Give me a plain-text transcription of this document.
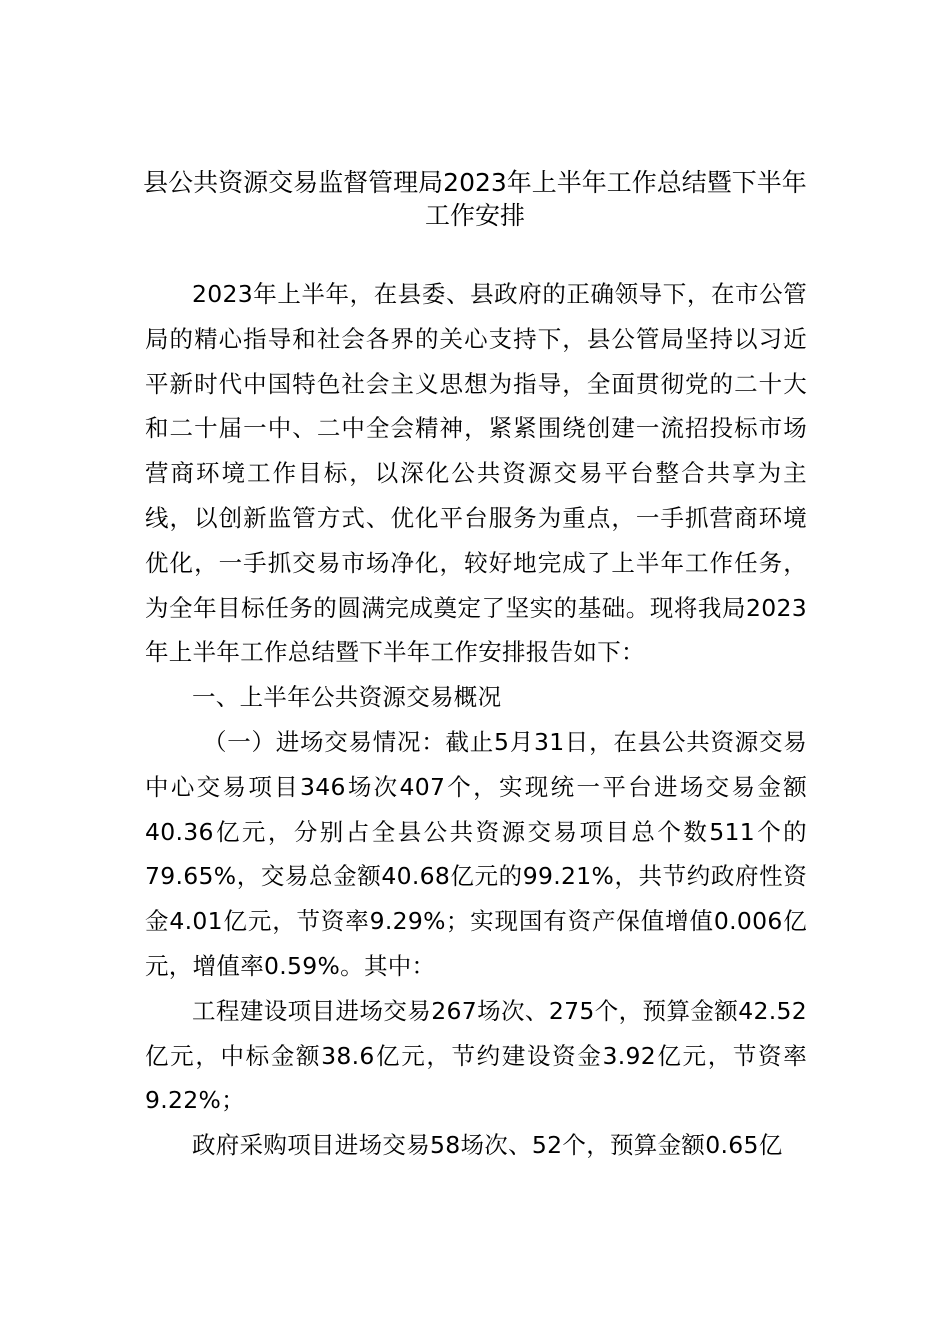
县公共资源交易监督管理局2023年上半年工作总结暨下半年
工作安排

2023年上半年，在县委、县政府的正确领导下，在市公管局的精心指导和社会各界的关心支持下，县公管局坚持以习近平新时代中国特色社会主义思想为指导，全面贯彻党的二十大和二十届一中、二中全会精神，紧紧围绕创建一流招投标市场营商环境工作目标，以深化公共资源交易平台整合共享为主线，以创新监管方式、优化平台服务为重点，一手抓营商环境优化，一手抓交易市场净化，较好地完成了上半年工作任务，为全年目标任务的圆满完成奠定了坚实的基础。现将我局2023年上半年工作总结暨下半年工作安排报告如下：

一、上半年公共资源交易概况

（一）进场交易情况：截止5月31日，在县公共资源交易中心交易项目346场次407个，实现统一平台进场交易金额40.36亿元，分别占全县公共资源交易项目总个数511个的79.65%，交易总金额40.68亿元的99.21%，共节约政府性资金4.01亿元，节资率9.29%；实现国有资产保值增值0.006亿元，增值率0.59%。其中：

工程建设项目进场交易267场次、275个，预算金额42.52亿元，中标金额38.6亿元，节约建设资金3.92亿元，节资率9.22%；

政府采购项目进场交易58场次、52个，预算金额0.65亿
